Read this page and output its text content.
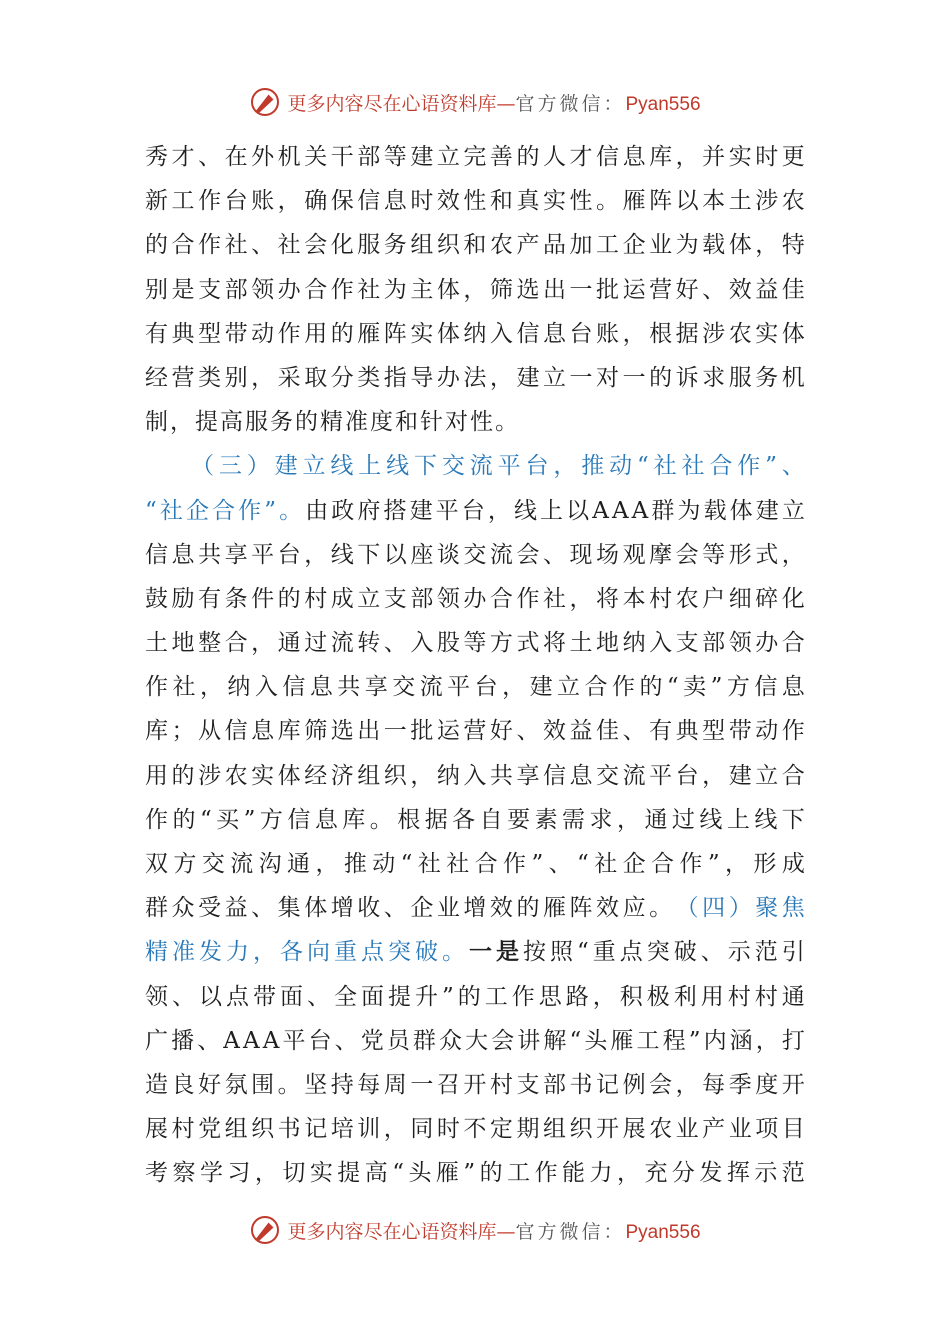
更多内容尽在心语资料库—官方微信：Pyan556
秀 才 、 在 外 机 关 干 部 等 建 立 完 善 的 人 才 信 息 库 ， 并 实 时 更
新 工 作 台 账 ， 确 保 信 息 时 效 性 和 真 实 性 。 雁 阵 以 本 土 涉 农
的 合 作 社 、 社 会 化 服 务 组 织 和 农 产 品 加 工 企 业 为 载 体 ， 特
别 是 支 部 领 办 合 作 社 为 主 体 ， 筛 选 出 一 批 运 营 好 、 效 益 佳
有 典 型 带 动 作 用 的 雁 阵 实 体 纳 入 信 息 台 账 ， 根 据 涉 农 实 体
经 营 类 别 ， 采 取 分 类 指 导 办 法 ， 建 立 一 对 一 的 诉 求 服 务 机
制，提高服务的精准度和针对性。
（ 三 ） 建 立 线 上 线 下 交 流 平 台 ， 推 动 “ 社 社 合 作 ” 、
“ 社 企 合 作 ” 。 由 政 府 搭 建 平 台 ， 线 上 以 A A A 群 为 载 体 建 立
信 息 共 享 平 台 ， 线 下 以 座 谈 交 流 会 、 现 场 观 摩 会 等 形 式 ，
鼓 励 有 条 件 的 村 成 立 支 部 领 办 合 作 社 ， 将 本 村 农 户 细 碎 化
土 地 整 合 ， 通 过 流 转 、 入 股 等 方 式 将 土 地 纳 入 支 部 领 办 合
作 社 ， 纳 入 信 息 共 享 交 流 平 台 ， 建 立 合 作 的 “ 卖 ” 方 信 息
库 ； 从 信 息 库 筛 选 出 一 批 运 营 好 、 效 益 佳 、 有 典 型 带 动 作
用 的 涉 农 实 体 经 济 组 织 ， 纳 入 共 享 信 息 交 流 平 台 ， 建 立 合
作 的 “ 买 ” 方 信 息 库 。 根 据 各 自 要 素 需 求 ， 通 过 线 上 线 下
双 方 交 流 沟 通 ， 推 动 “ 社 社 合 作 ” 、 “ 社 企 合 作 ” ， 形 成
群 众 受 益 、 集 体 增 收 、 企 业 增 效 的 雁 阵 效 应 。 （ 四 ） 聚 焦
精 准 发 力 ， 各 向 重 点 突 破 。 一 是 按 照 “ 重 点 突 破 、 示 范 引
领 、 以 点 带 面 、 全 面 提 升 ” 的 工 作 思 路 ， 积 极 利 用 村 村 通
广 播 、 A A A 平 台 、 党 员 群 众 大 会 讲 解 “ 头 雁 工 程 ” 内 涵 ， 打
造 良 好 氛 围 。 坚 持 每 周 一 召 开 村 支 部 书 记 例 会 ， 每 季 度 开
展 村 党 组 织 书 记 培 训 ， 同 时 不 定 期 组 织 开 展 农 业 产 业 项 目
考 察 学 习 ， 切 实 提 高 “ 头 雁 ” 的 工 作 能 力 ， 充 分 发 挥 示 范
更多内容尽在心语资料库—官方微信：Pyan556
